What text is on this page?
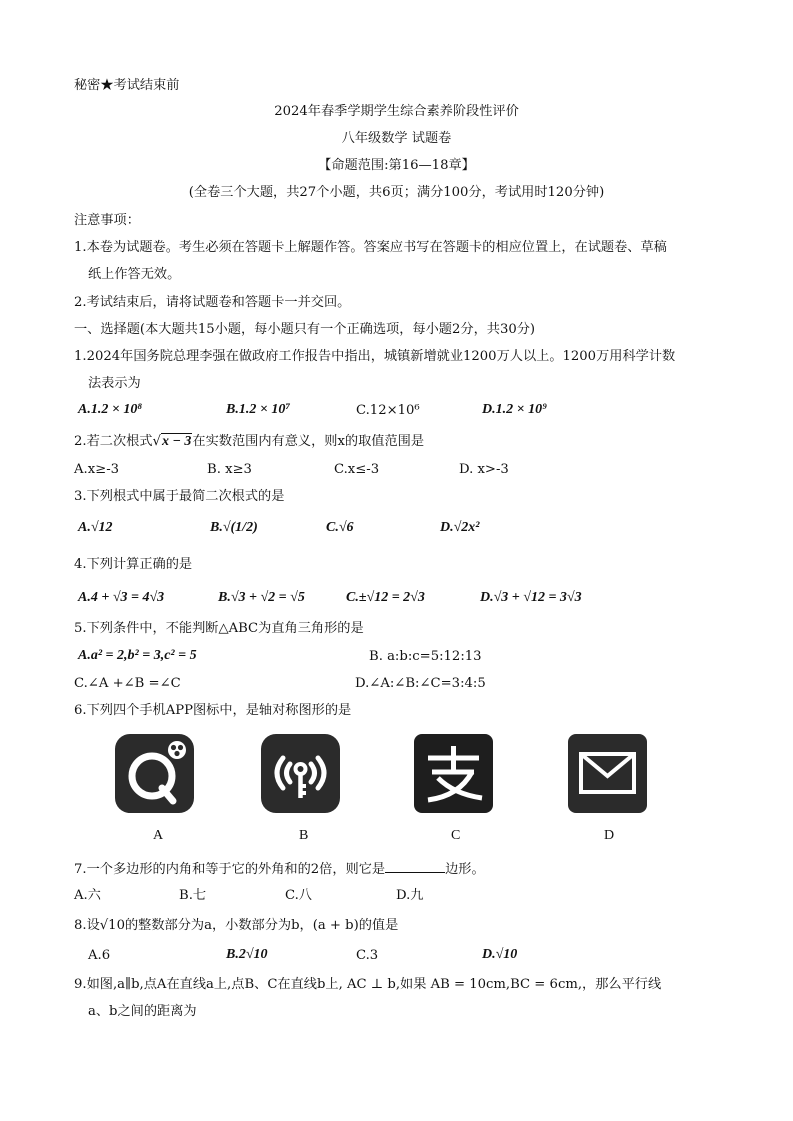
秘密★考试结束前
2024年春季学期学生综合素养阶段性评价
八年级数学 试题卷
【命题范围:第16—18章】
(全卷三个大题，共27个小题，共6页；满分100分，考试用时120分钟)
注意事项：
1.本卷为试题卷。考生必须在答题卡上解题作答。答案应书写在答题卡的相应位置上，在试题卷、草稿
纸上作答无效。
2.考试结束后，请将试题卷和答题卡一并交回。
一、选择题(本大题共15小题，每小题只有一个正确选项，每小题2分，共30分)
1.2024年国务院总理李强在做政府工作报告中指出，城镇新增就业1200万人以上。1200万用科学计数
法表示为
A.1.2 × 10⁸	B.1.2 × 10⁷	C.12×10⁶	D.1.2 × 10⁹
2.若二次根式√x − 3在实数范围内有意义，则x的取值范围是
A.x≥-3	B. x≥3	C.x≤-3	D. x>-3
3.下列根式中属于最简二次根式的是
A.√12	B.√(1/2)	C.√6	D.√2x²
4.下列计算正确的是
A.4 + √3 = 4√3	B.√3 + √2 = √5	C.±√12 = 2√3	D.√3 + √12 = 3√3
5.下列条件中，不能判断△ABC为直角三角形的是
A.a² = 2,b² = 3,c² = 5	B. a:b:c=5:12:13
C.∠A +∠B =∠C	D.∠A:∠B:∠C=3:4:5
6.下列四个手机APP图标中，是轴对称图形的是
A	B	C	D
7.一个多边形的内角和等于它的外角和的2倍，则它是	边形。
A.六	B.七	C.八	D.九
8.设√10的整数部分为a，小数部分为b，(a + b)的值是
A.6	B.2√10	C.3	D.√10
9.如图,a∥b,点A在直线a上,点B、C在直线b上, AC ⊥ b,如果 AB = 10cm,BC = 6cm,，那么平行线
a、b之间的距离为
